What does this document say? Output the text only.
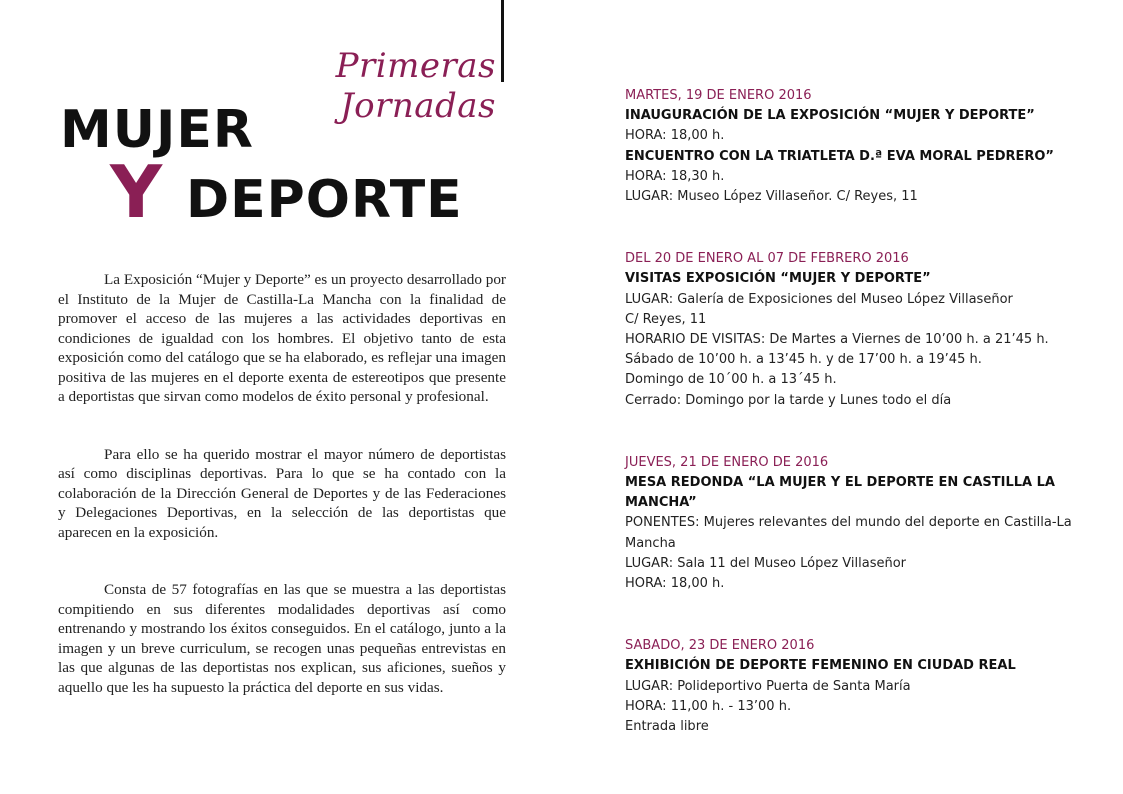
Primeras Jornadas
MUJER
Y DEPORTE

La Exposición “Mujer y Deporte” es un proyecto desarrollado por el Instituto de la Mujer de Castilla-La Mancha con la finalidad de promover el acceso de las mujeres a las actividades deportivas en condiciones de igualdad con los hombres. El objetivo tanto de esta exposición como del catálogo que se ha elaborado, es reflejar una imagen positiva de las mujeres en el deporte exenta de estereotipos que presente a deportistas que sirvan como modelos de éxito personal y profesional.

Para ello se ha querido mostrar el mayor número de deportistas así como disciplinas deportivas. Para lo que se ha contado con la colaboración de la Dirección General de Deportes y de las Federaciones y Delegaciones Deportivas, en la selección de las deportistas que aparecen en la exposición.

Consta de 57 fotografías en las que se muestra a las deportistas compitiendo en sus diferentes modalidades deportivas así como entrenando y mostrando los éxitos conseguidos. En el catálogo, junto a la imagen y un breve curriculum, se recogen unas pequeñas entrevistas en las que algunas de las deportistas nos explican, sus aficiones, sueños y aquello que les ha supuesto la práctica del deporte en sus vidas.

MARTES, 19 DE ENERO 2016
INAUGURACIÓN DE LA EXPOSICIÓN “MUJER Y DEPORTE”
HORA: 18,00 h.
ENCUENTRO CON LA TRIATLETA D.ª EVA MORAL PEDRERO”
HORA: 18,30 h.
LUGAR: Museo López Villaseñor. C/ Reyes, 11
DEL 20 DE ENERO AL 07 DE FEBRERO 2016
VISITAS EXPOSICIÓN “MUJER Y DEPORTE”
LUGAR: Galería de Exposiciones del Museo López Villaseñor
C/ Reyes, 11
HORARIO DE VISITAS: De Martes a Viernes de 10’00 h. a 21’45 h.
Sábado de 10’00 h. a 13’45 h. y de 17’00 h. a 19’45 h.
Domingo de 10´00 h. a 13´45 h.
Cerrado: Domingo por la tarde y Lunes todo el día
JUEVES, 21 DE ENERO DE 2016
MESA REDONDA “LA MUJER Y EL DEPORTE EN CASTILLA LA MANCHA”
PONENTES: Mujeres relevantes del mundo del deporte en Castilla-La
Mancha
LUGAR: Sala 11 del Museo López Villaseñor
HORA: 18,00 h.
SABADO, 23 DE ENERO 2016
EXHIBICIÓN DE DEPORTE FEMENINO EN CIUDAD REAL
LUGAR: Polideportivo Puerta de Santa María
HORA: 11,00 h. - 13’00 h.
Entrada libre
